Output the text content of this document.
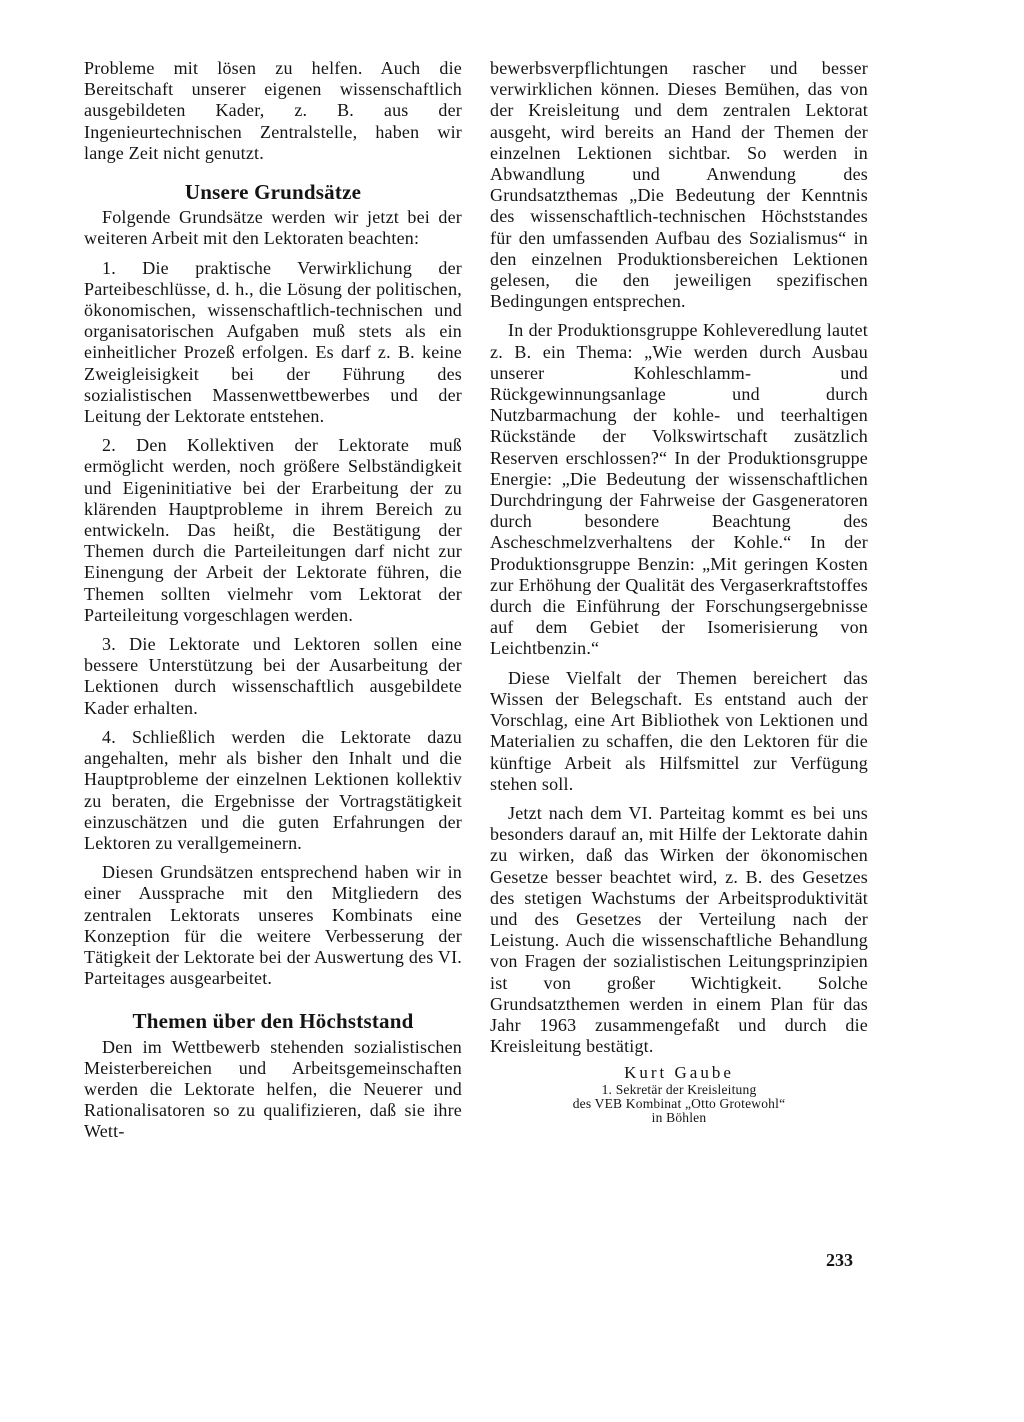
Probleme mit lösen zu helfen. Auch die Bereitschaft unserer eigenen wissenschaftlich ausgebildeten Kader, z. B. aus der Ingenieurtechnischen Zentralstelle, haben wir lange Zeit nicht genutzt.

Unsere Grundsätze

Folgende Grundsätze werden wir jetzt bei der weiteren Arbeit mit den Lektoraten beachten:

1. Die praktische Verwirklichung der Parteibeschlüsse, d. h., die Lösung der politischen, ökonomischen, wissenschaftlich-technischen und organisatorischen Aufgaben muß stets als ein einheitlicher Prozeß erfolgen. Es darf z. B. keine Zweigleisigkeit bei der Führung des sozialistischen Massenwettbewerbes und der Leitung der Lektorate entstehen.

2. Den Kollektiven der Lektorate muß ermöglicht werden, noch größere Selbständigkeit und Eigeninitiative bei der Erarbeitung der zu klärenden Hauptprobleme in ihrem Bereich zu entwickeln. Das heißt, die Bestätigung der Themen durch die Parteileitungen darf nicht zur Einengung der Arbeit der Lektorate führen, die Themen sollten vielmehr vom Lektorat der Parteileitung vorgeschlagen werden.

3. Die Lektorate und Lektoren sollen eine bessere Unterstützung bei der Ausarbeitung der Lektionen durch wissenschaftlich ausgebildete Kader erhalten.

4. Schließlich werden die Lektorate dazu angehalten, mehr als bisher den Inhalt und die Hauptprobleme der einzelnen Lektionen kollektiv zu beraten, die Ergebnisse der Vortragstätigkeit einzuschätzen und die guten Erfahrungen der Lektoren zu verallgemeinern.

Diesen Grundsätzen entsprechend haben wir in einer Aussprache mit den Mitgliedern des zentralen Lektorats unseres Kombinats eine Konzeption für die weitere Verbesserung der Tätigkeit der Lektorate bei der Auswertung des VI. Parteitages ausgearbeitet.

Themen über den Höchststand

Den im Wettbewerb stehenden sozialistischen Meisterbereichen und Arbeitsgemeinschaften werden die Lektorate helfen, die Neuerer und Rationalisatoren so zu qualifizieren, daß sie ihre Wett-

bewerbsverpflichtungen rascher und besser verwirklichen können. Dieses Bemühen, das von der Kreisleitung und dem zentralen Lektorat ausgeht, wird bereits an Hand der Themen der einzelnen Lektionen sichtbar. So werden in Abwandlung und Anwendung des Grundsatzthemas „Die Bedeutung der Kenntnis des wissenschaftlich-technischen Höchststandes für den umfassenden Aufbau des Sozialismus“ in den einzelnen Produktionsbereichen Lektionen gelesen, die den jeweiligen spezifischen Bedingungen entsprechen.

In der Produktionsgruppe Kohleveredlung lautet z. B. ein Thema: „Wie werden durch Ausbau unserer Kohleschlamm- und Rückgewinnungsanlage und durch Nutzbarmachung der kohle- und teerhaltigen Rückstände der Volkswirtschaft zusätzlich Reserven erschlossen?“ In der Produktionsgruppe Energie: „Die Bedeutung der wissenschaftlichen Durchdringung der Fahrweise der Gasgeneratoren durch besondere Beachtung des Ascheschmelzverhaltens der Kohle.“ In der Produktionsgruppe Benzin: „Mit geringen Kosten zur Erhöhung der Qualität des Vergaserkraftstoffes durch die Einführung der Forschungsergebnisse auf dem Gebiet der Isomerisierung von Leichtbenzin.“

Diese Vielfalt der Themen bereichert das Wissen der Belegschaft. Es entstand auch der Vorschlag, eine Art Bibliothek von Lektionen und Materialien zu schaffen, die den Lektoren für die künftige Arbeit als Hilfsmittel zur Verfügung stehen soll.

Jetzt nach dem VI. Parteitag kommt es bei uns besonders darauf an, mit Hilfe der Lektorate dahin zu wirken, daß das Wirken der ökonomischen Gesetze besser beachtet wird, z. B. des Gesetzes des stetigen Wachstums der Arbeitsproduktivität und des Gesetzes der Verteilung nach der Leistung. Auch die wissenschaftliche Behandlung von Fragen der sozialistischen Leitungsprinzipien ist von großer Wichtigkeit. Solche Grundsatzthemen werden in einem Plan für das Jahr 1963 zusammengefaßt und durch die Kreisleitung bestätigt.

Kurt Gaube
1. Sekretär der Kreisleitung
des VEB Kombinat „Otto Grotewohl“
in Böhlen
233
